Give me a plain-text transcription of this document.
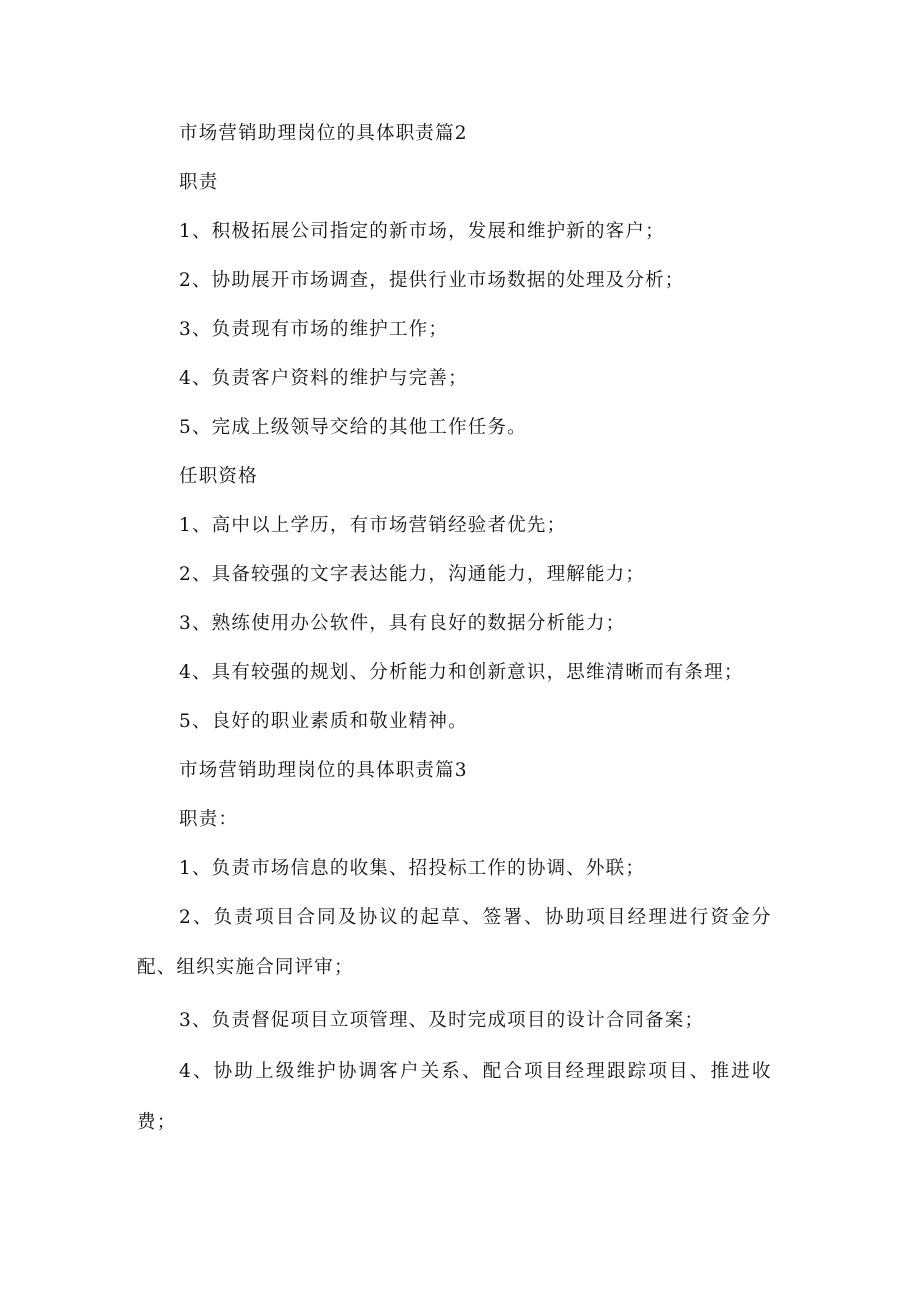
市场营销助理岗位的具体职责篇2
职责
1、积极拓展公司指定的新市场，发展和维护新的客户；
2、协助展开市场调查，提供行业市场数据的处理及分析；
3、负责现有市场的维护工作；
4、负责客户资料的维护与完善；
5、完成上级领导交给的其他工作任务。
任职资格
1、高中以上学历，有市场营销经验者优先；
2、具备较强的文字表达能力，沟通能力，理解能力；
3、熟练使用办公软件，具有良好的数据分析能力；
4、具有较强的规划、分析能力和创新意识，思维清晰而有条理；
5、良好的职业素质和敬业精神。
市场营销助理岗位的具体职责篇3
职责：
1、负责市场信息的收集、招投标工作的协调、外联；
2、负责项目合同及协议的起草、签署、协助项目经理进行资金分
配、组织实施合同评审；
3、负责督促项目立项管理、及时完成项目的设计合同备案；
4、协助上级维护协调客户关系、配合项目经理跟踪项目、推进收
费；
